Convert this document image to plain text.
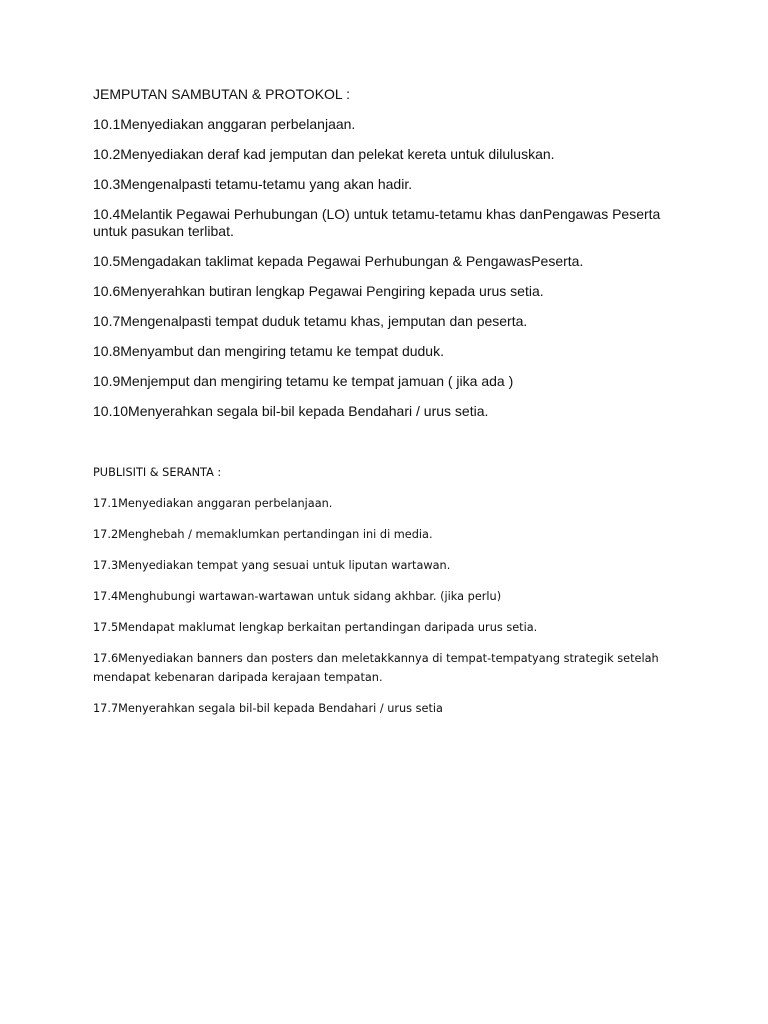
JEMPUTAN SAMBUTAN & PROTOKOL :
10.1Menyediakan anggaran perbelanjaan.
10.2Menyediakan deraf kad jemputan dan pelekat kereta untuk diluluskan.
10.3Mengenalpasti tetamu-tetamu yang akan hadir.
10.4Melantik Pegawai Perhubungan (LO) untuk tetamu-tetamu khas danPengawas Peserta untuk pasukan terlibat.
10.5Mengadakan taklimat kepada Pegawai Perhubungan & PengawasPeserta.
10.6Menyerahkan butiran lengkap Pegawai Pengiring kepada urus setia.
10.7Mengenalpasti tempat duduk tetamu khas, jemputan dan peserta.
10.8Menyambut dan mengiring tetamu ke tempat duduk.
10.9Menjemput dan mengiring tetamu ke tempat jamuan ( jika ada )
10.10Menyerahkan segala bil-bil kepada Bendahari / urus setia.
PUBLISITI & SERANTA :
17.1Menyediakan anggaran perbelanjaan.
17.2Menghebah / memaklumkan pertandingan ini di media.
17.3Menyediakan tempat yang sesuai untuk liputan wartawan.
17.4Menghubungi wartawan-wartawan untuk sidang akhbar. (jika perlu)
17.5Mendapat maklumat lengkap berkaitan pertandingan daripada urus setia.
17.6Menyediakan banners dan posters dan meletakkannya di tempat-tempatyang strategik setelah mendapat kebenaran daripada kerajaan tempatan.
17.7Menyerahkan segala bil-bil kepada Bendahari / urus setia
